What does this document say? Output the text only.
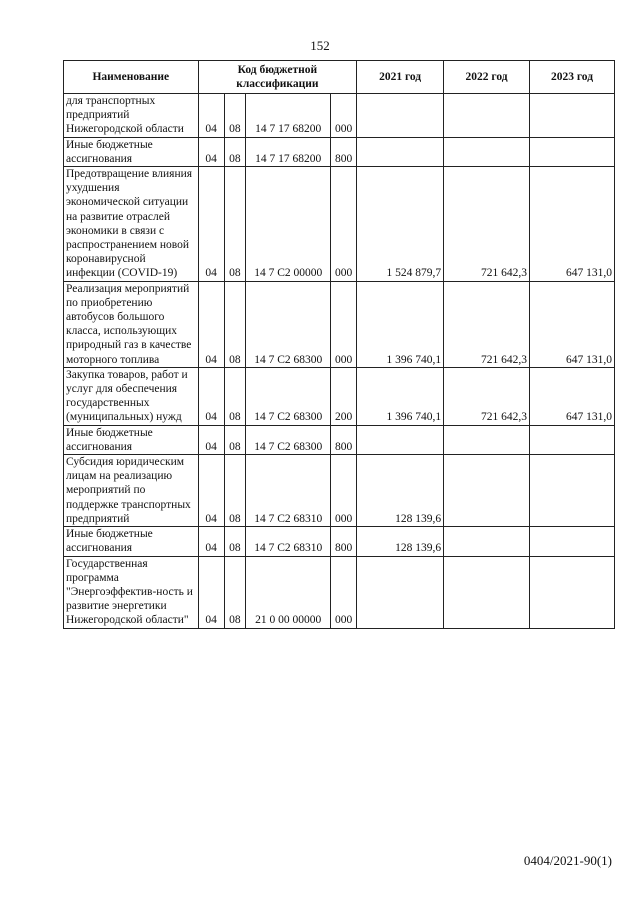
152
Наименование	Код бюджетной классификации				2021 год	2022 год	2023 год
для транспортных предприятий Нижегородской области	04	08	14 7 17 68200	000			
Иные бюджетные ассигнования	04	08	14 7 17 68200	800			
Предотвращение влияния ухудшения экономической ситуации на развитие отраслей экономики в связи с распространением новой коронавирусной инфекции (COVID-19)	04	08	14 7 C2 00000	000	1 524 879,7	721 642,3	647 131,0
Реализация мероприятий по приобретению автобусов большого класса, использующих природный газ в качестве моторного топлива	04	08	14 7 C2 68300	000	1 396 740,1	721 642,3	647 131,0
Закупка товаров, работ и услуг для обеспечения государственных (муниципальных) нужд	04	08	14 7 C2 68300	200	1 396 740,1	721 642,3	647 131,0
Иные бюджетные ассигнования	04	08	14 7 C2 68300	800			
Субсидия юридическим лицам на реализацию мероприятий по поддержке транспортных предприятий	04	08	14 7 C2 68310	000	128 139,6		
Иные бюджетные ассигнования	04	08	14 7 C2 68310	800	128 139,6		
Государственная программа "Энергоэффектив-ность и развитие энергетики Нижегородской области"	04	08	21 0 00 00000	000			
0404/2021-90(1)
